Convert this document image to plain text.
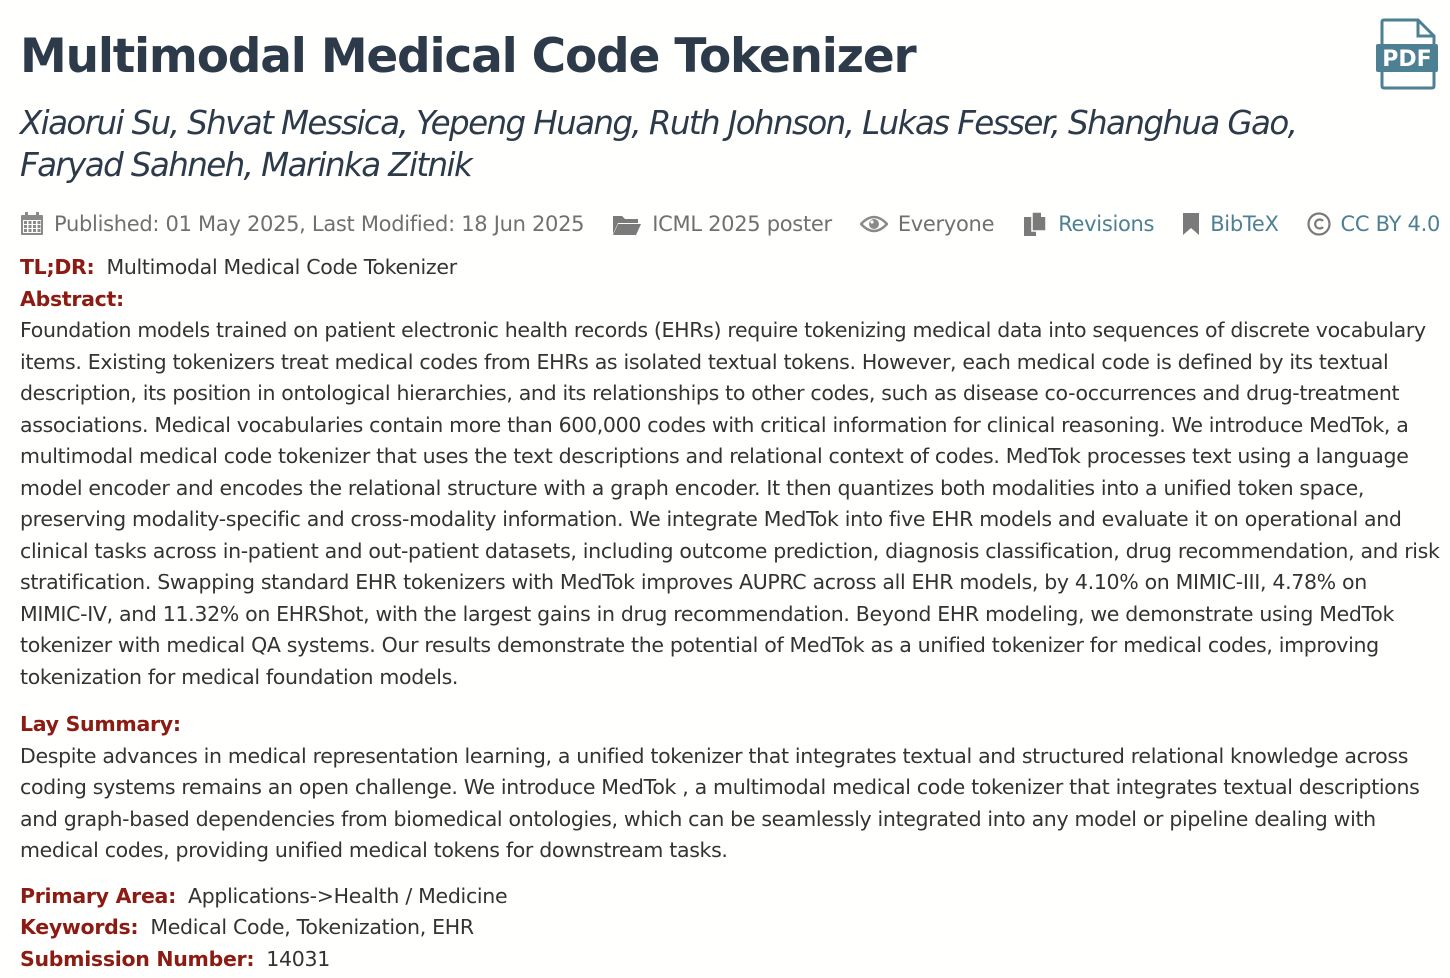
PDF
Multimodal Medical Code Tokenizer
Xiaorui Su, Shvat Messica, Yepeng Huang, Ruth Johnson, Lukas Fesser, Shanghua Gao, Faryad Sahneh, Marinka Zitnik
Published: 01 May 2025, Last Modified: 18 Jun 2025	ICML 2025 poster	Everyone	Revisions	BibTeX	CC BY 4.0
TL;DR: Multimodal Medical Code Tokenizer
Abstract:
Foundation models trained on patient electronic health records (EHRs) require tokenizing medical data into sequences of discrete vocabulary items. Existing tokenizers treat medical codes from EHRs as isolated textual tokens. However, each medical code is defined by its textual description, its position in ontological hierarchies, and its relationships to other codes, such as disease co-occurrences and drug-treatment associations. Medical vocabularies contain more than 600,000 codes with critical information for clinical reasoning. We introduce MedTok, a multimodal medical code tokenizer that uses the text descriptions and relational context of codes. MedTok processes text using a language model encoder and encodes the relational structure with a graph encoder. It then quantizes both modalities into a unified token space, preserving modality-specific and cross-modality information. We integrate MedTok into five EHR models and evaluate it on operational and clinical tasks across in-patient and out-patient datasets, including outcome prediction, diagnosis classification, drug recommendation, and risk stratification. Swapping standard EHR tokenizers with MedTok improves AUPRC across all EHR models, by 4.10% on MIMIC-III, 4.78% on MIMIC-IV, and 11.32% on EHRShot, with the largest gains in drug recommendation. Beyond EHR modeling, we demonstrate using MedTok tokenizer with medical QA systems. Our results demonstrate the potential of MedTok as a unified tokenizer for medical codes, improving tokenization for medical foundation models.
Lay Summary:
Despite advances in medical representation learning, a unified tokenizer that integrates textual and structured relational knowledge across coding systems remains an open challenge. We introduce MedTok , a multimodal medical code tokenizer that integrates textual descriptions and graph-based dependencies from biomedical ontologies, which can be seamlessly integrated into any model or pipeline dealing with medical codes, providing unified medical tokens for downstream tasks.
Primary Area: Applications->Health / Medicine
Keywords: Medical Code, Tokenization, EHR
Submission Number: 14031
